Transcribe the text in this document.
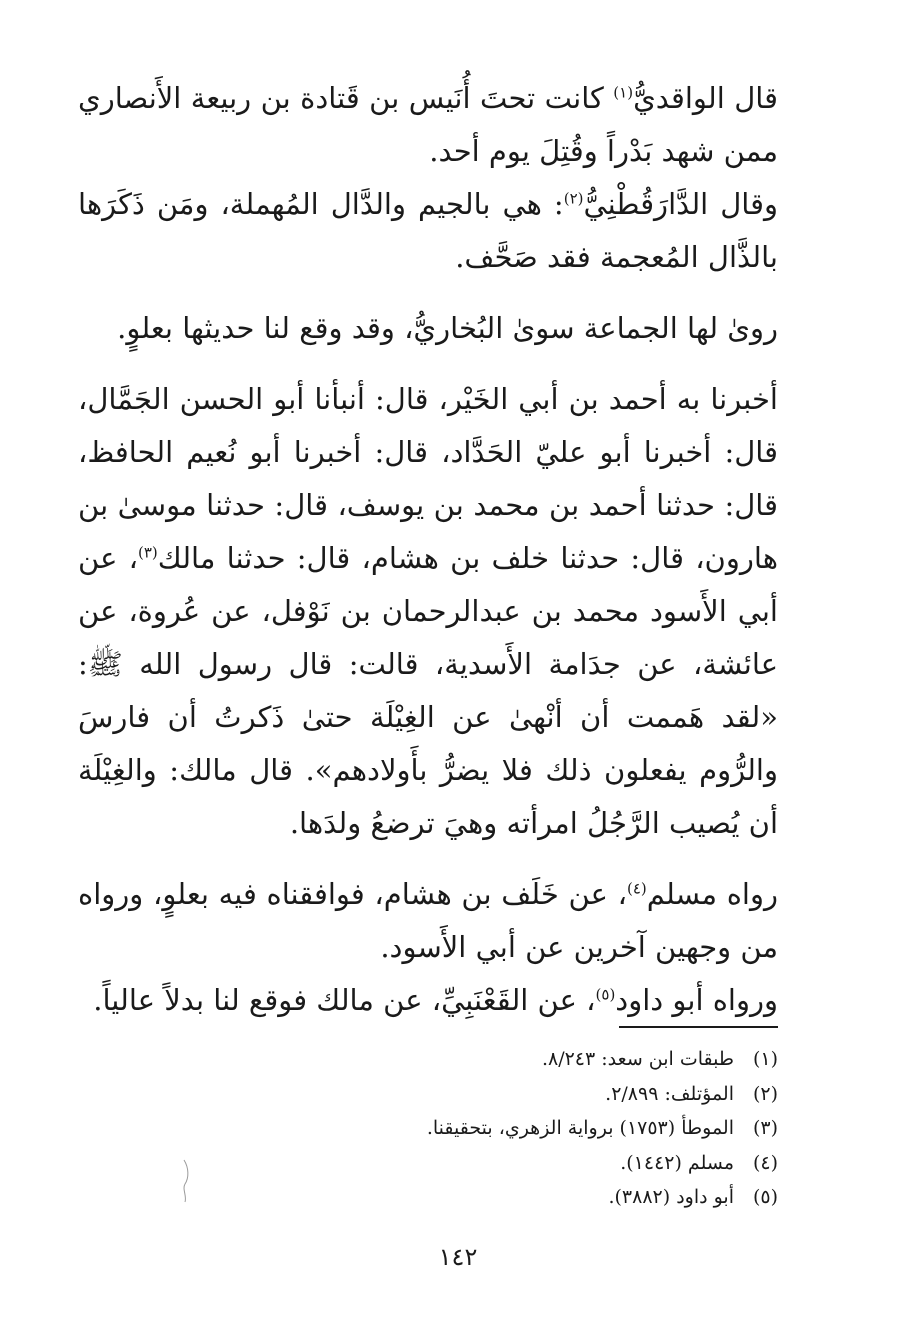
قال الواقديُّ$^{(١)}$ كانت تحتَ أُنَيس بن قَتادة بن ربيعة الأَنصاري ممن شهد بَدْراً وقُتِلَ يوم أحد.

وقال الدَّارَقُطْنِيُّ$^{(٢)}$: هي بالجيم والدَّال المُهملة، ومَن ذَكَرَها بالذَّال المُعجمة فقد صَحَّف.

روىٰ لها الجماعة سوىٰ البُخاريُّ، وقد وقع لنا حديثها بعلوٍ.

أخبرنا به أحمد بن أبي الخَيْر، قال: أنبأنا أبو الحسن الجَمَّال، قال: أخبرنا أبو عليّ الحَدَّاد، قال: أخبرنا أبو نُعيم الحافظ، قال: حدثنا أحمد بن محمد بن يوسف، قال: حدثنا موسىٰ بن هارون، قال: حدثنا خلف بن هشام، قال: حدثنا مالك$^{(٣)}$، عن أبي الأَسود محمد بن عبدالرحمان بن نَوْفل، عن عُروة، عن عائشة، عن جدَامة الأَسدية، قالت: قال رسول الله ﷺ: «لقد هَممت أن أنْهىٰ عن الغِيْلَة حتىٰ ذَكرتُ أن فارسَ والرُّوم يفعلون ذلك فلا يضرُّ بأَولادهم». قال مالك: والغِيْلَة أن يُصيب الرَّجُلُ امرأته وهيَ ترضعُ ولدَها.

رواه مسلم$^{(٤)}$، عن خَلَف بن هشام، فوافقناه فيه بعلوٍ، ورواه من وجهين آخرين عن أبي الأَسود.

ورواه أبو داود$^{(٥)}$، عن القَعْنَبِيِّ، عن مالك فوقع لنا بدلاً عالياً.

(١)طبقات ابن سعد: ٨/٢٤٣.
(٢)المؤتلف: ٢/٨٩٩.
(٣)الموطأ (١٧٥٣) برواية الزهري، بتحقيقنا.
(٤)مسلم (١٤٤٢).
(٥)أبو داود (٣٨٨٢).
١٤٢
